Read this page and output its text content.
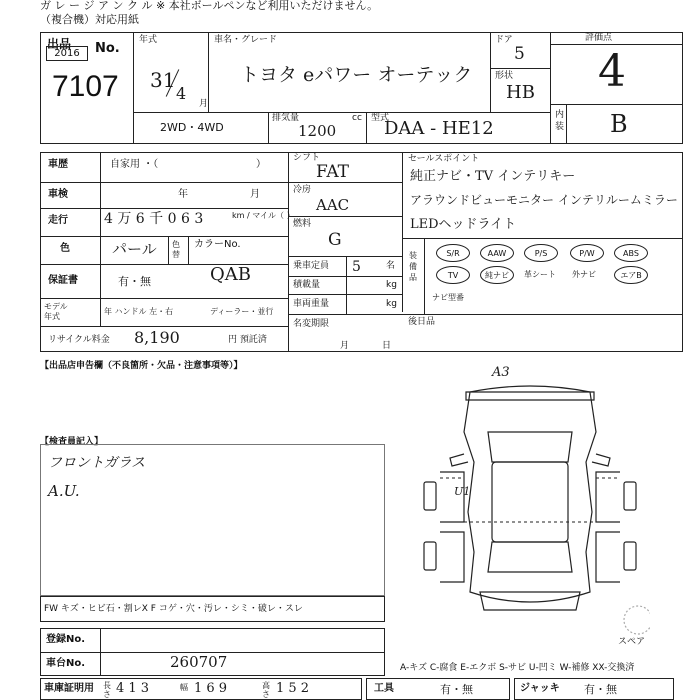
ガ レ ー ジ ア ン ク ル ※ 本社ボールペンなど利用いただけません。
（複合機）対応用紙
出品
2016	No.
7107
年式
31
4
月
車名・グレード
トヨタ eパワー オーテック
ドア
5
形状
HB
評価点
4
内装 B
2WD・4WD
排気量	cc
1200
型式
DAA - HE12
車歴	自家用 ・（	）
車検	年	月
走行	4 万 6 千 0 6 3	km / マイル（ ）
色	パール 色替
カラーNo.
QAB
保証書	有・無
モデル年式
年 ハンドル 左・右	ディーラー・並行
リサイクル料金 8,190	円 預託済
シフト
FAT
冷房
AAC
燃料
G
乗車定員 5	名
積載量	kg
車両重量	kg
名変期限
月	日
セールスポイント
純正ナビ・TV インテリキー
アラウンドビューモニター インテリルームミラー
LEDヘッドライト
装備品
S/R	AAW	P/S	P/W	ABS
TV	純ナビ	革シート 外ナビ	エアB
ナビ型番
後日品
【出品店申告欄（不良箇所・欠品・注意事項等）】
【検査員記入】
フロントガラス
A.U.
A3
U1
スペア
FW キズ・ヒビ石・割レX F コゲ・穴・汚レ・シミ・破レ・スレ
登録No.
車台No.	260707	A-キズ C-腐食 E-エクボ S-サビ U-凹ミ W-補修 XX-交換済
車庫証明用 長さ 4 1 3	幅 1 6 9	高さ 1 5 2	工具	有・無	ジャッキ 有・無
